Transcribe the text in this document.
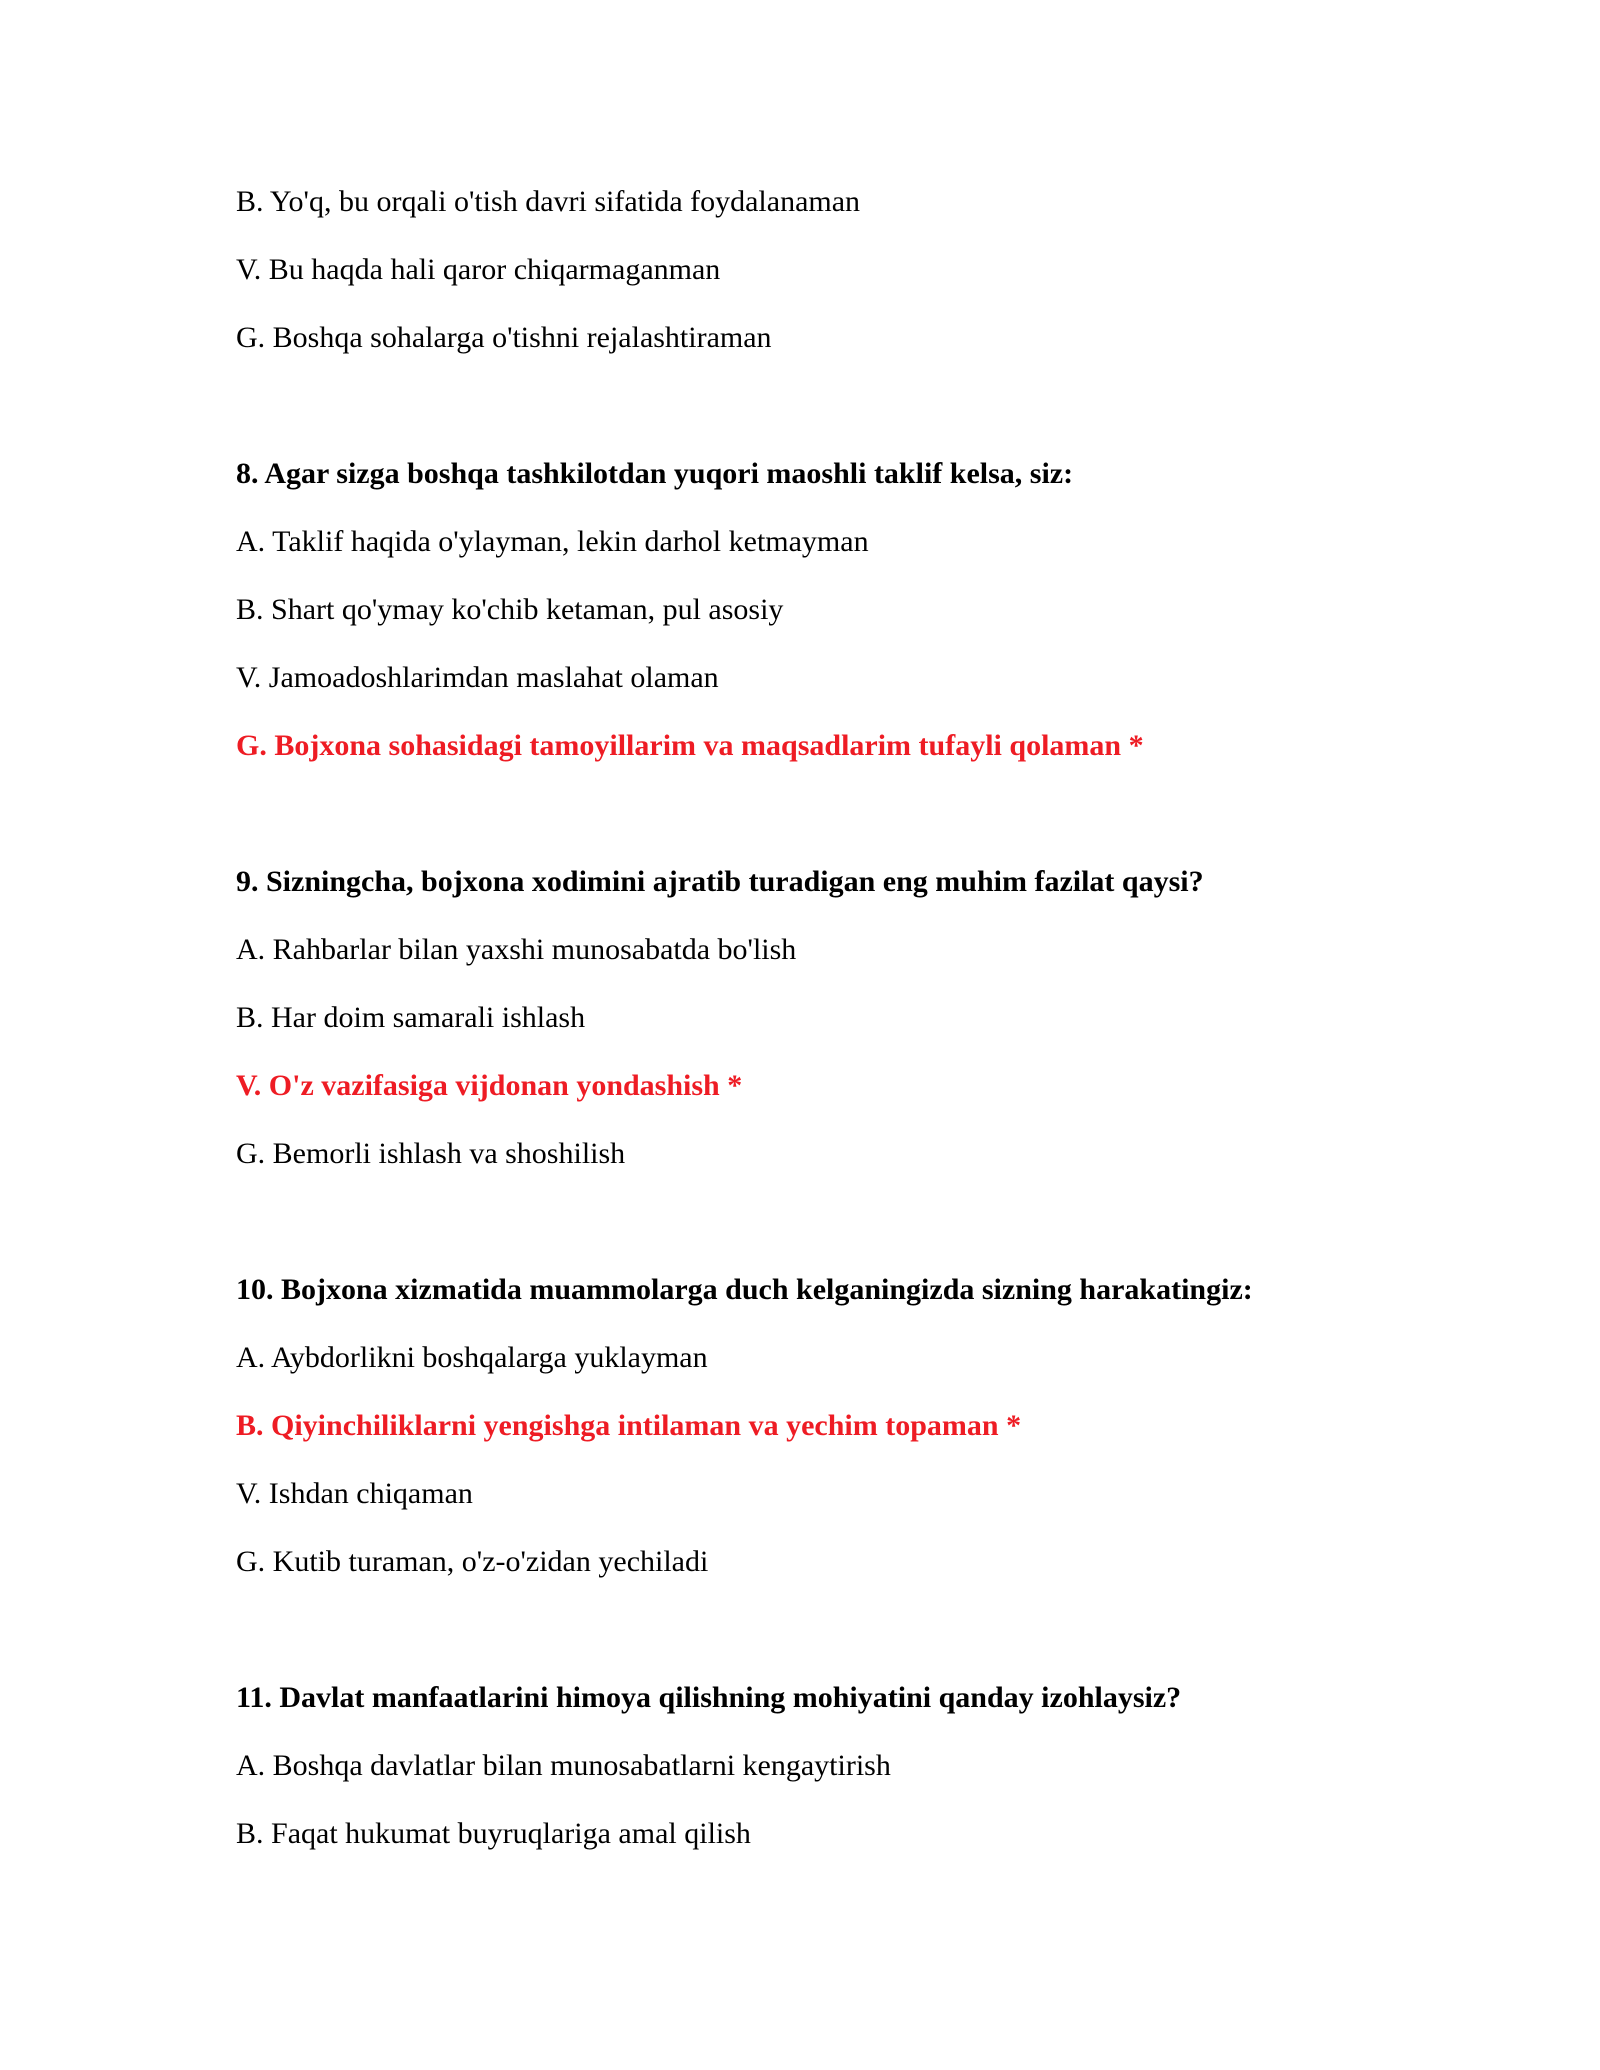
B. Yo'q, bu orqali o'tish davri sifatida foydalanaman
V. Bu haqda hali qaror chiqarmaganman
G. Boshqa sohalarga o'tishni rejalashtiraman
8. Agar sizga boshqa tashkilotdan yuqori maoshli taklif kelsa, siz:
A. Taklif haqida o'ylayman, lekin darhol ketmayman
B. Shart qo'ymay ko'chib ketaman, pul asosiy
V. Jamoadoshlarimdan maslahat olaman
G. Bojxona sohasidagi tamoyillarim va maqsadlarim tufayli qolaman *
9. Sizningcha, bojxona xodimini ajratib turadigan eng muhim fazilat qaysi?
A. Rahbarlar bilan yaxshi munosabatda bo'lish
B. Har doim samarali ishlash
V. O'z vazifasiga vijdonan yondashish *
G. Bemorli ishlash va shoshilish
10. Bojxona xizmatida muammolarga duch kelganingizda sizning harakatingiz:
A. Aybdorlikni boshqalarga yuklayman
B. Qiyinchiliklarni yengishga intilaman va yechim topaman *
V. Ishdan chiqaman
G. Kutib turaman, o'z-o'zidan yechiladi
11. Davlat manfaatlarini himoya qilishning mohiyatini qanday izohlaysiz?
A. Boshqa davlatlar bilan munosabatlarni kengaytirish
B. Faqat hukumat buyruqlariga amal qilish
